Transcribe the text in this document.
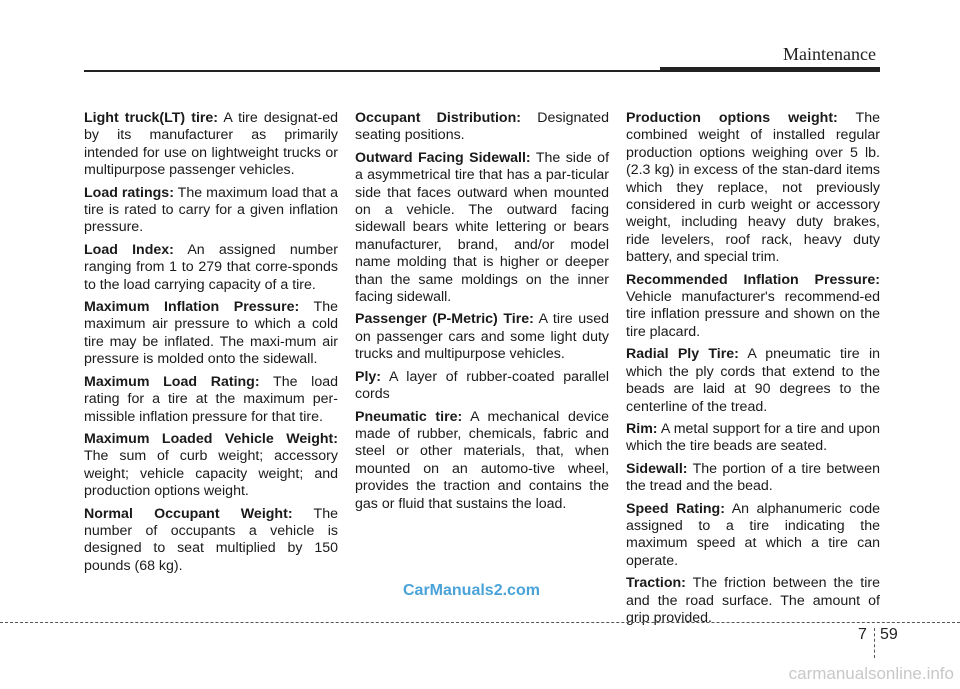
Maintenance

Light truck(LT) tire: A tire designat-ed by its manufacturer as primarily intended for use on lightweight trucks or multipurpose passenger vehicles.

Load ratings: The maximum load that a tire is rated to carry for a given inflation pressure.

Load Index: An assigned number ranging from 1 to 279 that corre-sponds to the load carrying capacity of a tire.

Maximum Inflation Pressure: The maximum air pressure to which a cold tire may be inflated. The maxi-mum air pressure is molded onto the sidewall.

Maximum Load Rating: The load rating for a tire at the maximum per-missible inflation pressure for that tire.

Maximum Loaded Vehicle Weight: The sum of curb weight; accessory weight; vehicle capacity weight; and production options weight.

Normal Occupant Weight: The number of occupants a vehicle is designed to seat multiplied by 150 pounds (68 kg).

Occupant Distribution: Designated seating positions.

Outward Facing Sidewall: The side of a asymmetrical tire that has a par-ticular side that faces outward when mounted on a vehicle. The outward facing sidewall bears white lettering or bears manufacturer, brand, and/or model name molding that is higher or deeper than the same moldings on the inner facing sidewall.

Passenger (P-Metric) Tire: A tire used on passenger cars and some light duty trucks and multipurpose vehicles.

Ply: A layer of rubber-coated parallel cords

Pneumatic tire: A mechanical device made of rubber, chemicals, fabric and steel or other materials, that, when mounted on an automo-tive wheel, provides the traction and contains the gas or fluid that sustains the load.

Production options weight: The combined weight of installed regular production options weighing over 5 lb. (2.3 kg) in excess of the stan-dard items which they replace, not previously considered in curb weight or accessory weight, including heavy duty brakes, ride levelers, roof rack, heavy duty battery, and special trim.

Recommended Inflation Pressure: Vehicle manufacturer's recommend-ed tire inflation pressure and shown on the tire placard.

Radial Ply Tire: A pneumatic tire in which the ply cords that extend to the beads are laid at 90 degrees to the centerline of the tread.

Rim: A metal support for a tire and upon which the tire beads are seated.

Sidewall: The portion of a tire between the tread and the bead.

Speed Rating: An alphanumeric code assigned to a tire indicating the maximum speed at which a tire can operate.

Traction: The friction between the tire and the road surface. The amount of grip provided.

CarManuals2.com
7 59
carmanualsonline.info
